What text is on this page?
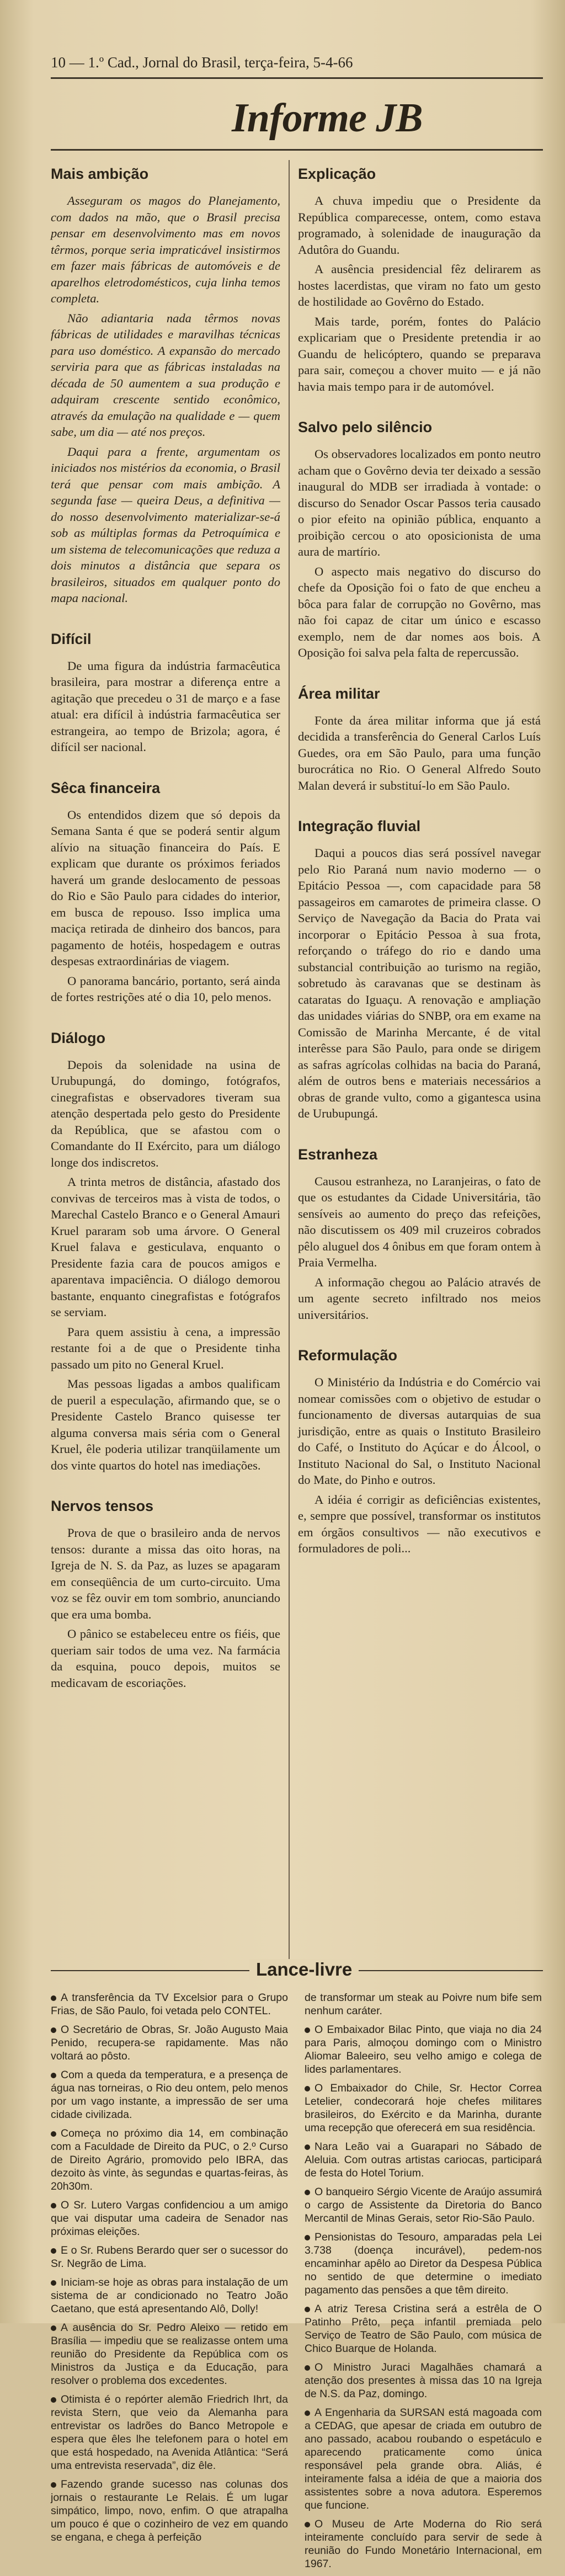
10 — 1.º Cad., Jornal do Brasil, terça-feira, 5-4-66
Informe JB
Mais ambição

Asseguram os magos do Planejamento, com dados na mão, que o Brasil precisa pensar em desenvolvimento mas em novos têrmos, porque seria impraticável insistirmos em fazer mais fábricas de automóveis e de aparelhos eletrodomésticos, cuja linha temos completa.

Não adiantaria nada têrmos novas fábricas de utilidades e maravilhas técnicas para uso doméstico. A expansão do mercado serviria para que as fábricas instaladas na década de 50 aumentem a sua produção e adquiram crescente sentido econômico, através da emulação na qualidade e — quem sabe, um dia — até nos preços.

Daqui para a frente, argumentam os iniciados nos mistérios da economia, o Brasil terá que pensar com mais ambição. A segunda fase — queira Deus, a definitiva — do nosso desenvolvimento materializar-se-á sob as múltiplas formas da Petroquímica e um sistema de telecomunicações que reduza a dois minutos a distância que separa os brasileiros, situados em qualquer ponto do mapa nacional.

Difícil

De uma figura da indústria farmacêutica brasileira, para mostrar a diferença entre a agitação que precedeu o 31 de março e a fase atual: era difícil à indústria farmacêutica ser estrangeira, ao tempo de Brizola; agora, é difícil ser nacional.

Sêca financeira

Os entendidos dizem que só depois da Semana Santa é que se poderá sentir algum alívio na situação financeira do País. E explicam que durante os próximos feriados haverá um grande deslocamento de pessoas do Rio e São Paulo para cidades do interior, em busca de repouso. Isso implica uma maciça retirada de dinheiro dos bancos, para pagamento de hotéis, hospedagem e outras despesas extraordinárias de viagem.

O panorama bancário, portanto, será ainda de fortes restrições até o dia 10, pelo menos.

Diálogo

Depois da solenidade na usina de Urubupungá, do domingo, fotógrafos, cinegrafistas e observadores tiveram sua atenção despertada pelo gesto do Presidente da República, que se afastou com o Comandante do II Exército, para um diálogo longe dos indiscretos.

A trinta metros de distância, afastado dos convivas de terceiros mas à vista de todos, o Marechal Castelo Branco e o General Amauri Kruel pararam sob uma árvore. O General Kruel falava e gesticulava, enquanto o Presidente fazia cara de poucos amigos e aparentava impaciência. O diálogo demorou bastante, enquanto cinegrafistas e fotógrafos se serviam.

Para quem assistiu à cena, a impressão restante foi a de que o Presidente tinha passado um pito no General Kruel.

Mas pessoas ligadas a ambos qualificam de pueril a especulação, afirmando que, se o Presidente Castelo Branco quisesse ter alguma conversa mais séria com o General Kruel, êle poderia utilizar tranqüilamente um dos vinte quartos do hotel nas imediações.

Nervos tensos

Prova de que o brasileiro anda de nervos tensos: durante a missa das oito horas, na Igreja de N. S. da Paz, as luzes se apagaram em conseqüência de um curto-circuito. Uma voz se fêz ouvir em tom sombrio, anunciando que era uma bomba.

O pânico se estabeleceu entre os fiéis, que queriam sair todos de uma vez. Na farmácia da esquina, pouco depois, muitos se medicavam de escoriações.

Explicação

A chuva impediu que o Presidente da República comparecesse, ontem, como estava programado, à solenidade de inauguração da Adutôra do Guandu.

A ausência presidencial fêz delirarem as hostes lacerdistas, que viram no fato um gesto de hostilidade ao Govêrno do Estado.

Mais tarde, porém, fontes do Palácio explicariam que o Presidente pretendia ir ao Guandu de helicóptero, quando se preparava para sair, começou a chover muito — e já não havia mais tempo para ir de automóvel.

Salvo pelo silêncio

Os observadores localizados em ponto neutro acham que o Govêrno devia ter deixado a sessão inaugural do MDB ser irradiada à vontade: o discurso do Senador Oscar Passos teria causado o pior efeito na opinião pública, enquanto a proibição cercou o ato oposicionista de uma aura de martírio.

O aspecto mais negativo do discurso do chefe da Oposição foi o fato de que encheu a bôca para falar de corrupção no Govêrno, mas não foi capaz de citar um único e escasso exemplo, nem de dar nomes aos bois. A Oposição foi salva pela falta de repercussão.

Área militar

Fonte da área militar informa que já está decidida a transferência do General Carlos Luís Guedes, ora em São Paulo, para uma função burocrática no Rio. O General Alfredo Souto Malan deverá ir substituí-lo em São Paulo.

Integração fluvial

Daqui a poucos dias será possível navegar pelo Rio Paraná num navio moderno — o Epitácio Pessoa —, com capacidade para 58 passageiros em camarotes de primeira classe. O Serviço de Navegação da Bacia do Prata vai incorporar o Epitácio Pessoa à sua frota, reforçando o tráfego do rio e dando uma substancial contribuição ao turismo na região, sobretudo às caravanas que se destinam às cataratas do Iguaçu. A renovação e ampliação das unidades viárias do SNBP, ora em exame na Comissão de Marinha Mercante, é de vital interêsse para São Paulo, para onde se dirigem as safras agrícolas colhidas na bacia do Paraná, além de outros bens e materiais necessários a obras de grande vulto, como a gigantesca usina de Urubupungá.

Estranheza

Causou estranheza, no Laranjeiras, o fato de que os estudantes da Cidade Universitária, tão sensíveis ao aumento do preço das refeições, não discutissem os 409 mil cruzeiros cobrados pêlo aluguel dos 4 ônibus em que foram ontem à Praia Vermelha.

A informação chegou ao Palácio através de um agente secreto infiltrado nos meios universitários.

Reformulação

O Ministério da Indústria e do Comércio vai nomear comissões com o objetivo de estudar o funcionamento de diversas autarquias de sua jurisdição, entre as quais o Instituto Brasileiro do Café, o Instituto do Açúcar e do Álcool, o Instituto Nacional do Sal, o Instituto Nacional do Mate, do Pinho e outros.

A idéia é corrigir as deficiências existentes, e, sempre que possível, transformar os institutos em órgãos consultivos — não executivos e formuladores de poli...

Lance-livre

A transferência da TV Excelsior para o Grupo Frias, de São Paulo, foi vetada pelo CONTEL.

O Secretário de Obras, Sr. João Augusto Maia Penido, recupera-se rapidamente. Mas não voltará ao pôsto.

Com a queda da temperatura, e a presença de água nas torneiras, o Rio deu ontem, pelo menos por um vago instante, a impressão de ser uma cidade civilizada.

Começa no próximo dia 14, em combinação com a Faculdade de Direito da PUC, o 2.º Curso de Direito Agrário, promovido pelo IBRA, das dezoito às vinte, às segundas e quartas-feiras, às 20h30m.

O Sr. Lutero Vargas confidenciou a um amigo que vai disputar uma cadeira de Senador nas próximas eleições.

E o Sr. Rubens Berardo quer ser o sucessor do Sr. Negrão de Lima.

Iniciam-se hoje as obras para instalação de um sistema de ar condicionado no Teatro João Caetano, que está apresentando Alô, Dolly!

A ausência do Sr. Pedro Aleixo — retido em Brasília — impediu que se realizasse ontem uma reunião do Presidente da República com os Ministros da Justiça e da Educação, para resolver o problema dos excedentes.

Otimista é o repórter alemão Friedrich Ihrt, da revista Stern, que veio da Alemanha para entrevistar os ladrões do Banco Metropole e espera que êles lhe telefonem para o hotel em que está hospedado, na Avenida Atlântica: “Será uma entrevista reservada”, diz êle.

Fazendo grande sucesso nas colunas dos jornais o restaurante Le Relais. É um lugar simpático, limpo, novo, enfim. O que atrapalha um pouco é que o cozinheiro de vez em quando se engana, e chega à perfeição

de transformar um steak au Poivre num bife sem nenhum caráter.

O Embaixador Bilac Pinto, que viaja no dia 24 para Paris, almoçou domingo com o Ministro Aliomar Baleeiro, seu velho amigo e colega de lides parlamentares.

O Embaixador do Chile, Sr. Hector Correa Letelier, condecorará hoje chefes militares brasileiros, do Exército e da Marinha, durante uma recepção que oferecerá em sua residência.

Nara Leão vai a Guarapari no Sábado de Aleluia. Com outras artistas cariocas, participará de festa do Hotel Torium.

O banqueiro Sérgio Vicente de Araújo assumirá o cargo de Assistente da Diretoria do Banco Mercantil de Minas Gerais, setor Rio-São Paulo.

Pensionistas do Tesouro, amparadas pela Lei 3.738 (doença incurável), pedem-nos encaminhar apêlo ao Diretor da Despesa Pública no sentido de que determine o imediato pagamento das pensões a que têm direito.

A atriz Teresa Cristina será a estrêla de O Patinho Prêto, peça infantil premiada pelo Serviço de Teatro de São Paulo, com música de Chico Buarque de Holanda.

O Ministro Juraci Magalhães chamará a atenção dos presentes à missa das 10 na Igreja de N.S. da Paz, domingo.

A Engenharia da SURSAN está magoada com a CEDAG, que apesar de criada em outubro de ano passado, acabou roubando o espetáculo e aparecendo praticamente como única responsável pela grande obra. Aliás, é inteiramente falsa a idéia de que a maioria dos assistentes sobre a nova adutora. Esperemos que funcione.

O Museu de Arte Moderna do Rio será inteiramente concluído para servir de sede à reunião do Fundo Monetário Internacional, em 1967.
